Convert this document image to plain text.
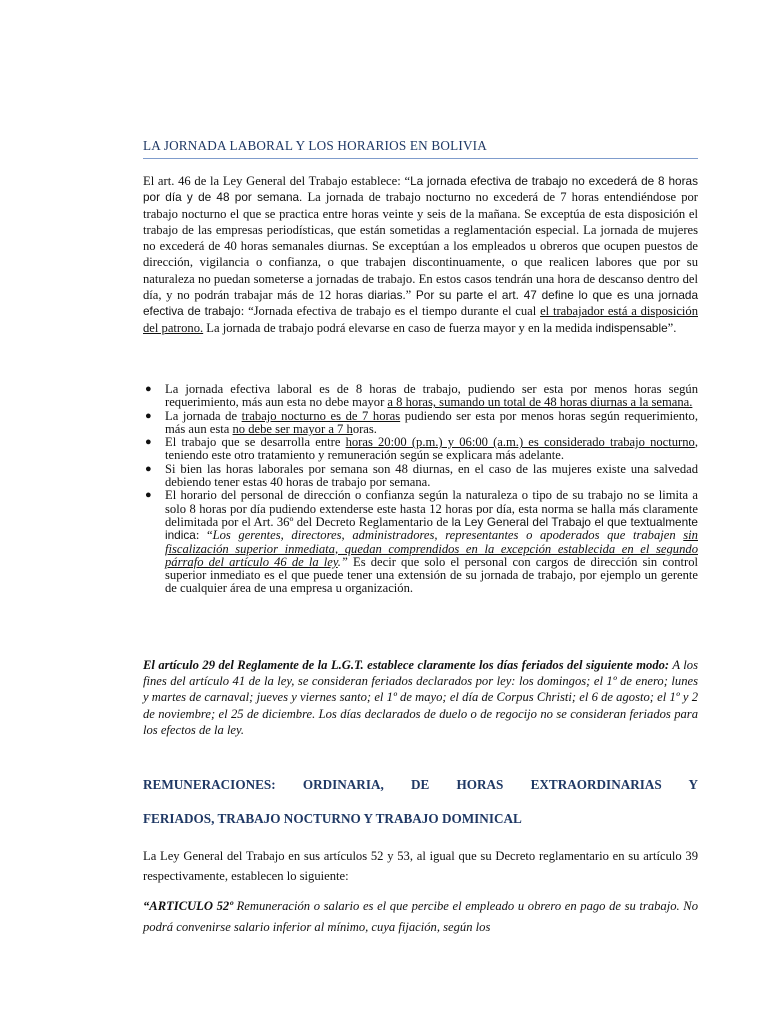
LA JORNADA LABORAL Y LOS HORARIOS EN BOLIVIA

El art. 46 de la Ley General del Trabajo establece: “La jornada efectiva de trabajo no excederá de 8 horas por día y de 48 por semana. La jornada de trabajo nocturno no excederá de 7 horas entendiéndose por trabajo nocturno el que se practica entre horas veinte y seis de la mañana. Se exceptúa de esta disposición el trabajo de las empresas periodísticas, que están sometidas a reglamentación especial. La jornada de mujeres no excederá de 40 horas semanales diurnas. Se exceptúan a los empleados u obreros que ocupen puestos de dirección, vigilancia o confianza, o que trabajen discontinuamente, o que realicen labores que por su naturaleza no puedan someterse a jornadas de trabajo. En estos casos tendrán una hora de descanso dentro del día, y no podrán trabajar más de 12 horas diarias.” Por su parte el art. 47 define lo que es una jornada efectiva de trabajo: “Jornada efectiva de trabajo es el tiempo durante el cual el trabajador está a disposición del patrono. La jornada de trabajo podrá elevarse en caso de fuerza mayor y en la medida indispensable”.

● La jornada efectiva laboral es de 8 horas de trabajo, pudiendo ser esta por menos horas según requerimiento, más aun esta no debe mayor a 8 horas, sumando un total de 48 horas diurnas a la semana.
● La jornada de trabajo nocturno es de 7 horas pudiendo ser esta por menos horas según requerimiento, más aun esta no debe ser mayor a 7 horas.
● El trabajo que se desarrolla entre horas 20:00 (p.m.) y 06:00 (a.m.) es considerado trabajo nocturno, teniendo este otro tratamiento y remuneración según se explicara más adelante.
● Si bien las horas laborales por semana son 48 diurnas, en el caso de las mujeres existe una salvedad debiendo tener estas 40 horas de trabajo por semana.
● El horario del personal de dirección o confianza según la naturaleza o tipo de su trabajo no se limita a solo 8 horas por día pudiendo extenderse este hasta 12 horas por día, esta norma se halla más claramente delimitada por el Art. 36º del Decreto Reglamentario de la Ley General del Trabajo el que textualmente indica: “Los gerentes, directores, administradores, representantes o apoderados que trabajen sin fiscalización superior inmediata, quedan comprendidos en la excepción establecida en el segundo párrafo del artículo 46 de la ley.” Es decir que solo el personal con cargos de dirección sin control superior inmediato es el que puede tener una extensión de su jornada de trabajo, por ejemplo un gerente de cualquier área de una empresa u organización.

El artículo 29 del Reglamente de la L.G.T. establece claramente los días feriados del siguiente modo: A los fines del artículo 41 de la ley, se consideran feriados declarados por ley: los domingos; el 1º de enero; lunes y martes de carnaval; jueves y viernes santo; el 1º de mayo; el día de Corpus Christi; el 6 de agosto; el 1º y 2 de noviembre; el 25 de diciembre. Los días declarados de duelo o de regocijo no se consideran feriados para los efectos de la ley.

REMUNERACIONES: ORDINARIA, DE HORAS EXTRAORDINARIAS Y
FERIADOS, TRABAJO NOCTURNO Y TRABAJO DOMINICAL

La Ley General del Trabajo en sus artículos 52 y 53, al igual que su Decreto reglamentario en su artículo 39 respectivamente, establecen lo siguiente:

“ARTICULO 52º Remuneración o salario es el que percibe el empleado u obrero en pago de su trabajo. No podrá convenirse salario inferior al mínimo, cuya fijación, según los
